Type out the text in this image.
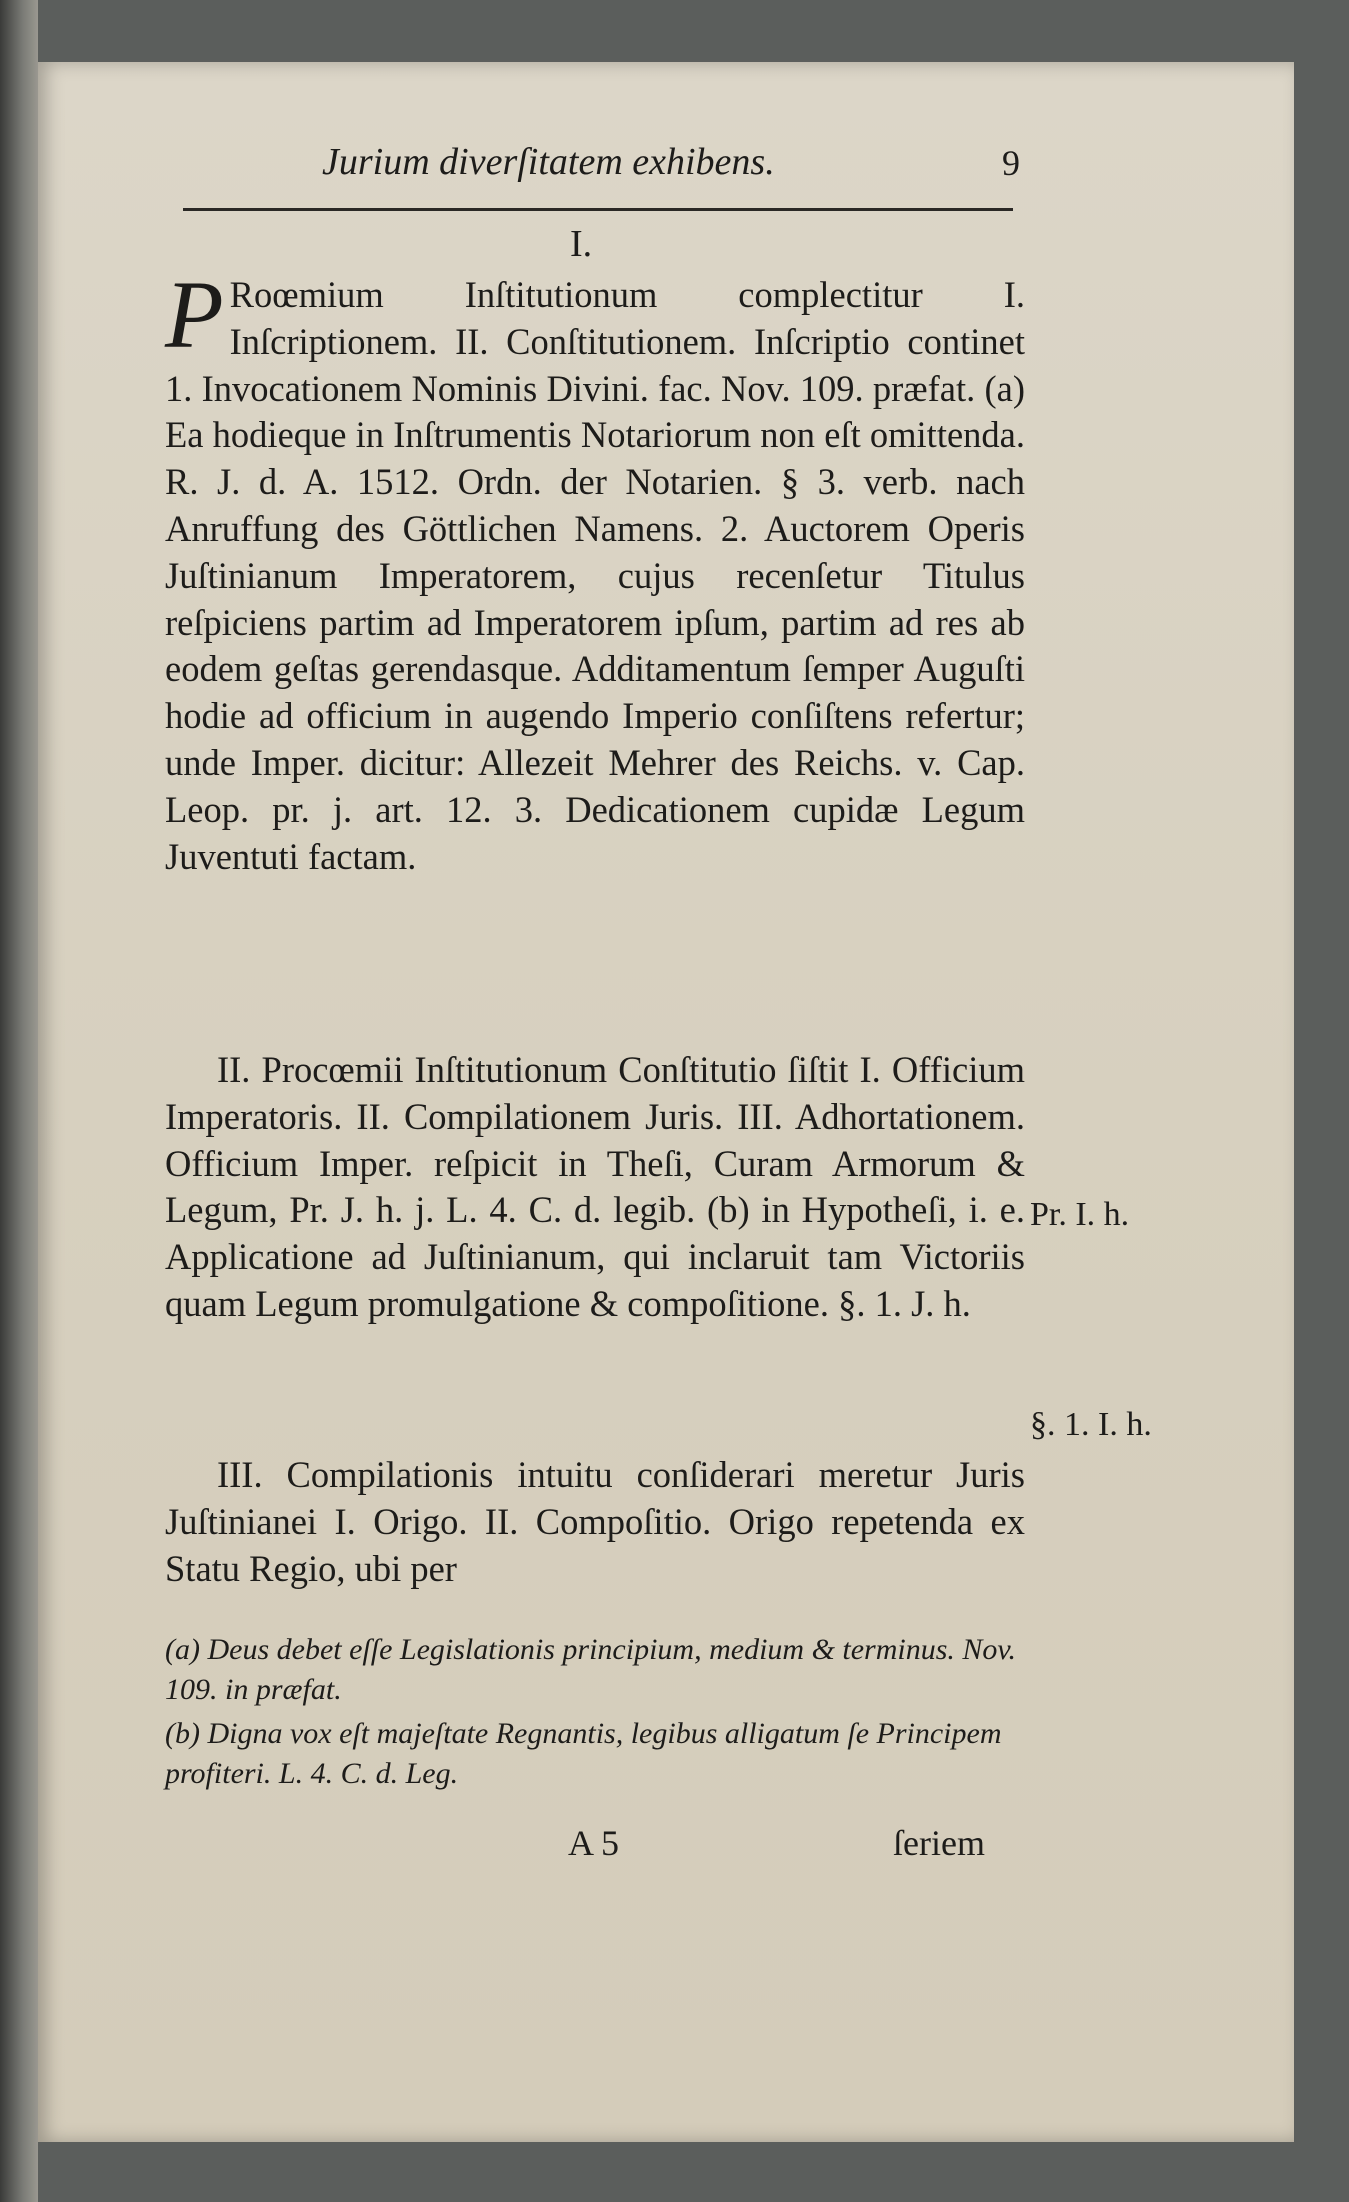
Jurium diverſitatem exhibens.	9
I.

P Roœmium Inſtitutionum complectitur I. Inſcriptionem. II. Conſtitutionem. Inſcriptio continet 1. Invocationem Nominis Divini. fac. Nov. 109. præfat. (a) Ea hodieque in Inſtrumentis Notariorum non eſt omittenda. R. J. d. A. 1512. Ordn. der Notarien. § 3. verb. nach Anruffung des Göttlichen Namens. 2. Auctorem Operis Juſtinianum Imperatorem, cujus recenſetur Titulus reſpiciens partim ad Imperatorem ipſum, partim ad res ab eodem geſtas gerendasque. Additamentum ſemper Auguſti hodie ad officium in augendo Imperio conſiſtens refertur; unde Imper. dicitur: Allezeit Mehrer des Reichs. v. Cap. Leop. pr. j. art. 12. 3. Dedicationem cupidæ Legum Juventuti factam.

II. Procœmii Inſtitutionum Conſtitutio ſiſtit I. Officium Imperatoris. II. Compilationem Juris. III. Adhortationem. Officium Imper. reſpicit in Theſi, Curam Armorum & Legum, Pr. J. h. j. L. 4. C. d. legib. (b) in Hypotheſi, i. e. Applicatione ad Juſtinianum, qui inclaruit tam Victoriis quam Legum promulgatione & compoſitione. §. 1. J. h.

Pr. I. h.
§. 1. I. h.

III. Compilationis intuitu conſiderari meretur Juris Juſtinianei I. Origo. II. Compoſitio. Origo repetenda ex Statu Regio, ubi per

(a) Deus debet eſſe Legislationis principium, medium & terminus. Nov. 109. in præfat.

(b) Digna vox eſt majeſtate Regnantis, legibus alligatum ſe Principem profiteri. L. 4. C. d. Leg.

A 5	ſeriem
